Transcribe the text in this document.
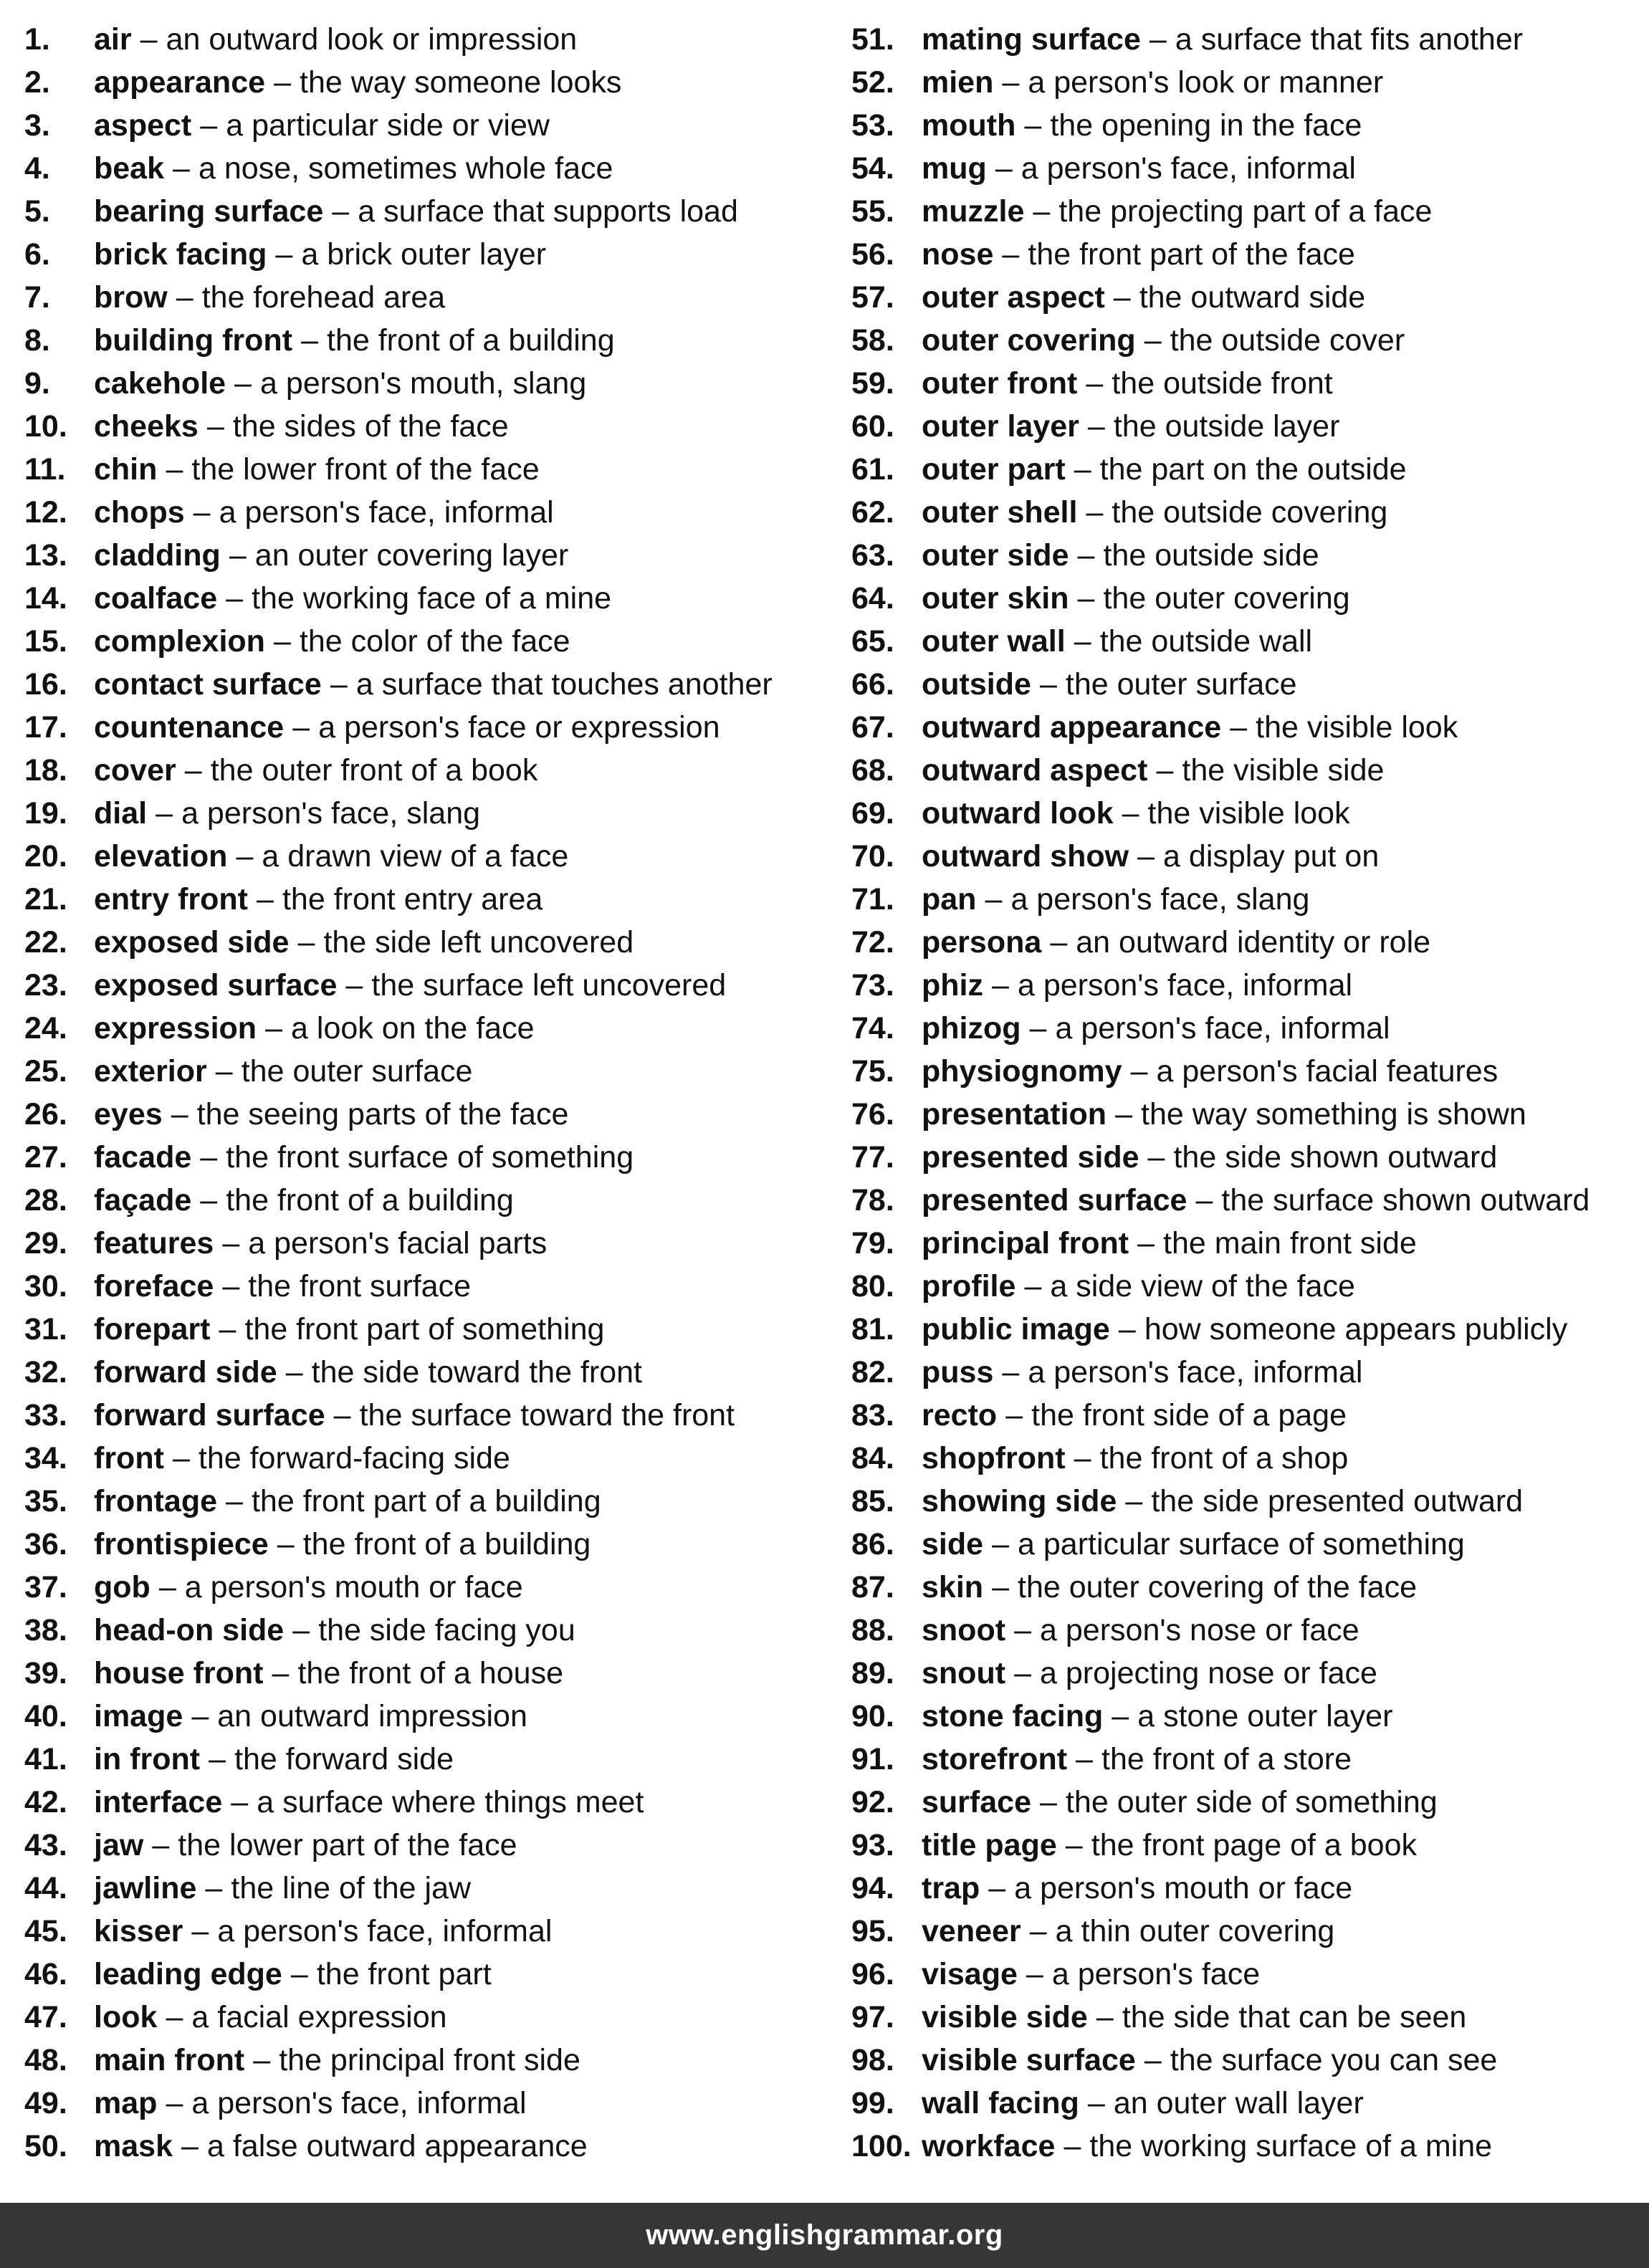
1.	air – an outward look or impression
2.	appearance – the way someone looks
3.	aspect – a particular side or view
4.	beak – a nose, sometimes whole face
5.	bearing surface – a surface that supports load
6.	brick facing – a brick outer layer
7.	brow – the forehead area
8.	building front – the front of a building
9.	cakehole – a person's mouth, slang
10. cheeks – the sides of the face
11. chin – the lower front of the face
12. chops – a person's face, informal
13. cladding – an outer covering layer
14. coalface – the working face of a mine
15. complexion – the color of the face
16. contact surface – a surface that touches another
17. countenance – a person's face or expression
18. cover – the outer front of a book
19. dial – a person's face, slang
20. elevation – a drawn view of a face
21. entry front – the front entry area
22. exposed side – the side left uncovered
23. exposed surface – the surface left uncovered
24. expression – a look on the face
25. exterior – the outer surface
26. eyes – the seeing parts of the face
27. facade – the front surface of something
28. façade – the front of a building
29. features – a person's facial parts
30. foreface – the front surface
31. forepart – the front part of something
32. forward side – the side toward the front
33. forward surface – the surface toward the front
34. front – the forward-facing side
35. frontage – the front part of a building
36. frontispiece – the front of a building
37. gob – a person's mouth or face
38. head-on side – the side facing you
39. house front – the front of a house
40. image – an outward impression
41. in front – the forward side
42. interface – a surface where things meet
43. jaw – the lower part of the face
44. jawline – the line of the jaw
45. kisser – a person's face, informal
46. leading edge – the front part
47. look – a facial expression
48. main front – the principal front side
49. map – a person's face, informal
50. mask – a false outward appearance
51. mating surface – a surface that fits another
52. mien – a person's look or manner
53. mouth – the opening in the face
54. mug – a person's face, informal
55. muzzle – the projecting part of a face
56. nose – the front part of the face
57. outer aspect – the outward side
58. outer covering – the outside cover
59. outer front – the outside front
60. outer layer – the outside layer
61. outer part – the part on the outside
62. outer shell – the outside covering
63. outer side – the outside side
64. outer skin – the outer covering
65. outer wall – the outside wall
66. outside – the outer surface
67. outward appearance – the visible look
68. outward aspect – the visible side
69. outward look – the visible look
70. outward show – a display put on
71. pan – a person's face, slang
72. persona – an outward identity or role
73. phiz – a person's face, informal
74. phizog – a person's face, informal
75. physiognomy – a person's facial features
76. presentation – the way something is shown
77. presented side – the side shown outward
78. presented surface – the surface shown outward
79. principal front – the main front side
80. profile – a side view of the face
81. public image – how someone appears publicly
82. puss – a person's face, informal
83. recto – the front side of a page
84. shopfront – the front of a shop
85. showing side – the side presented outward
86. side – a particular surface of something
87. skin – the outer covering of the face
88. snoot – a person's nose or face
89. snout – a projecting nose or face
90. stone facing – a stone outer layer
91. storefront – the front of a store
92. surface – the outer side of something
93. title page – the front page of a book
94. trap – a person's mouth or face
95. veneer – a thin outer covering
96. visage – a person's face
97. visible side – the side that can be seen
98. visible surface – the surface you can see
99. wall facing – an outer wall layer
100. workface – the working surface of a mine
www.englishgrammar.org
